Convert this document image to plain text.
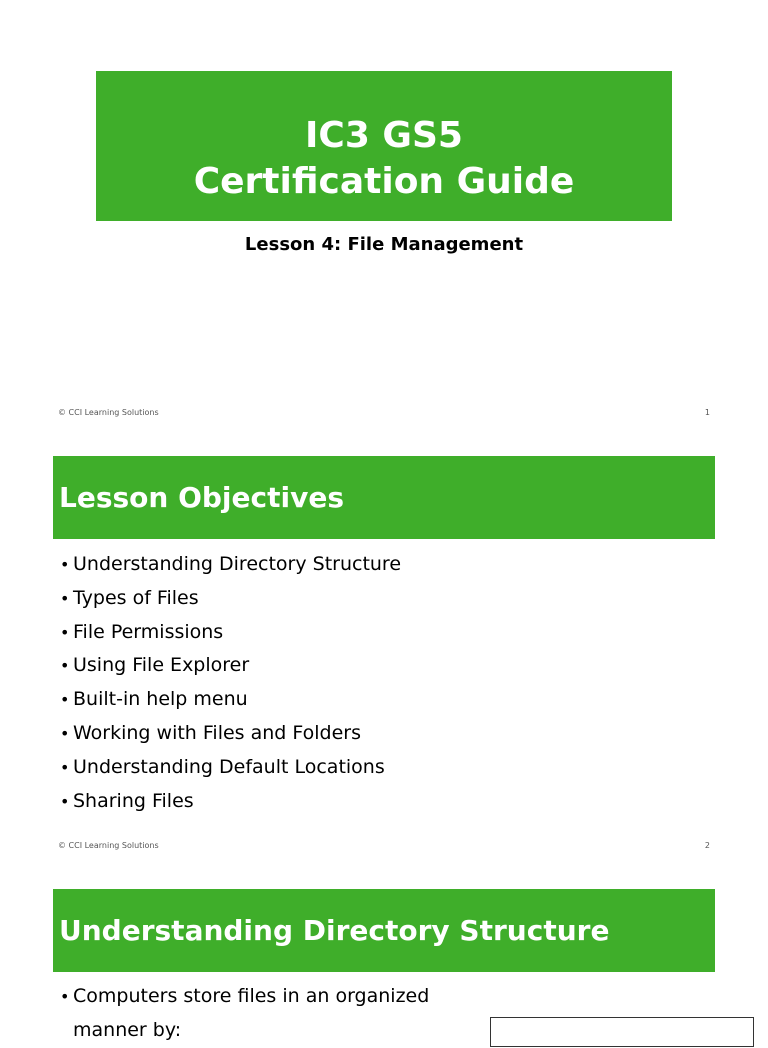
IC3 GS5
Certification Guide
Lesson 4: File Management
© CCI Learning Solutions	1
Lesson Objectives
• Understanding Directory Structure
• Types of Files
• File Permissions
• Using File Explorer
• Built-in help menu
• Working with Files and Folders
• Understanding Default Locations
• Sharing Files
© CCI Learning Solutions	2
Understanding Directory Structure
• Computers store files in an organized
manner by:
